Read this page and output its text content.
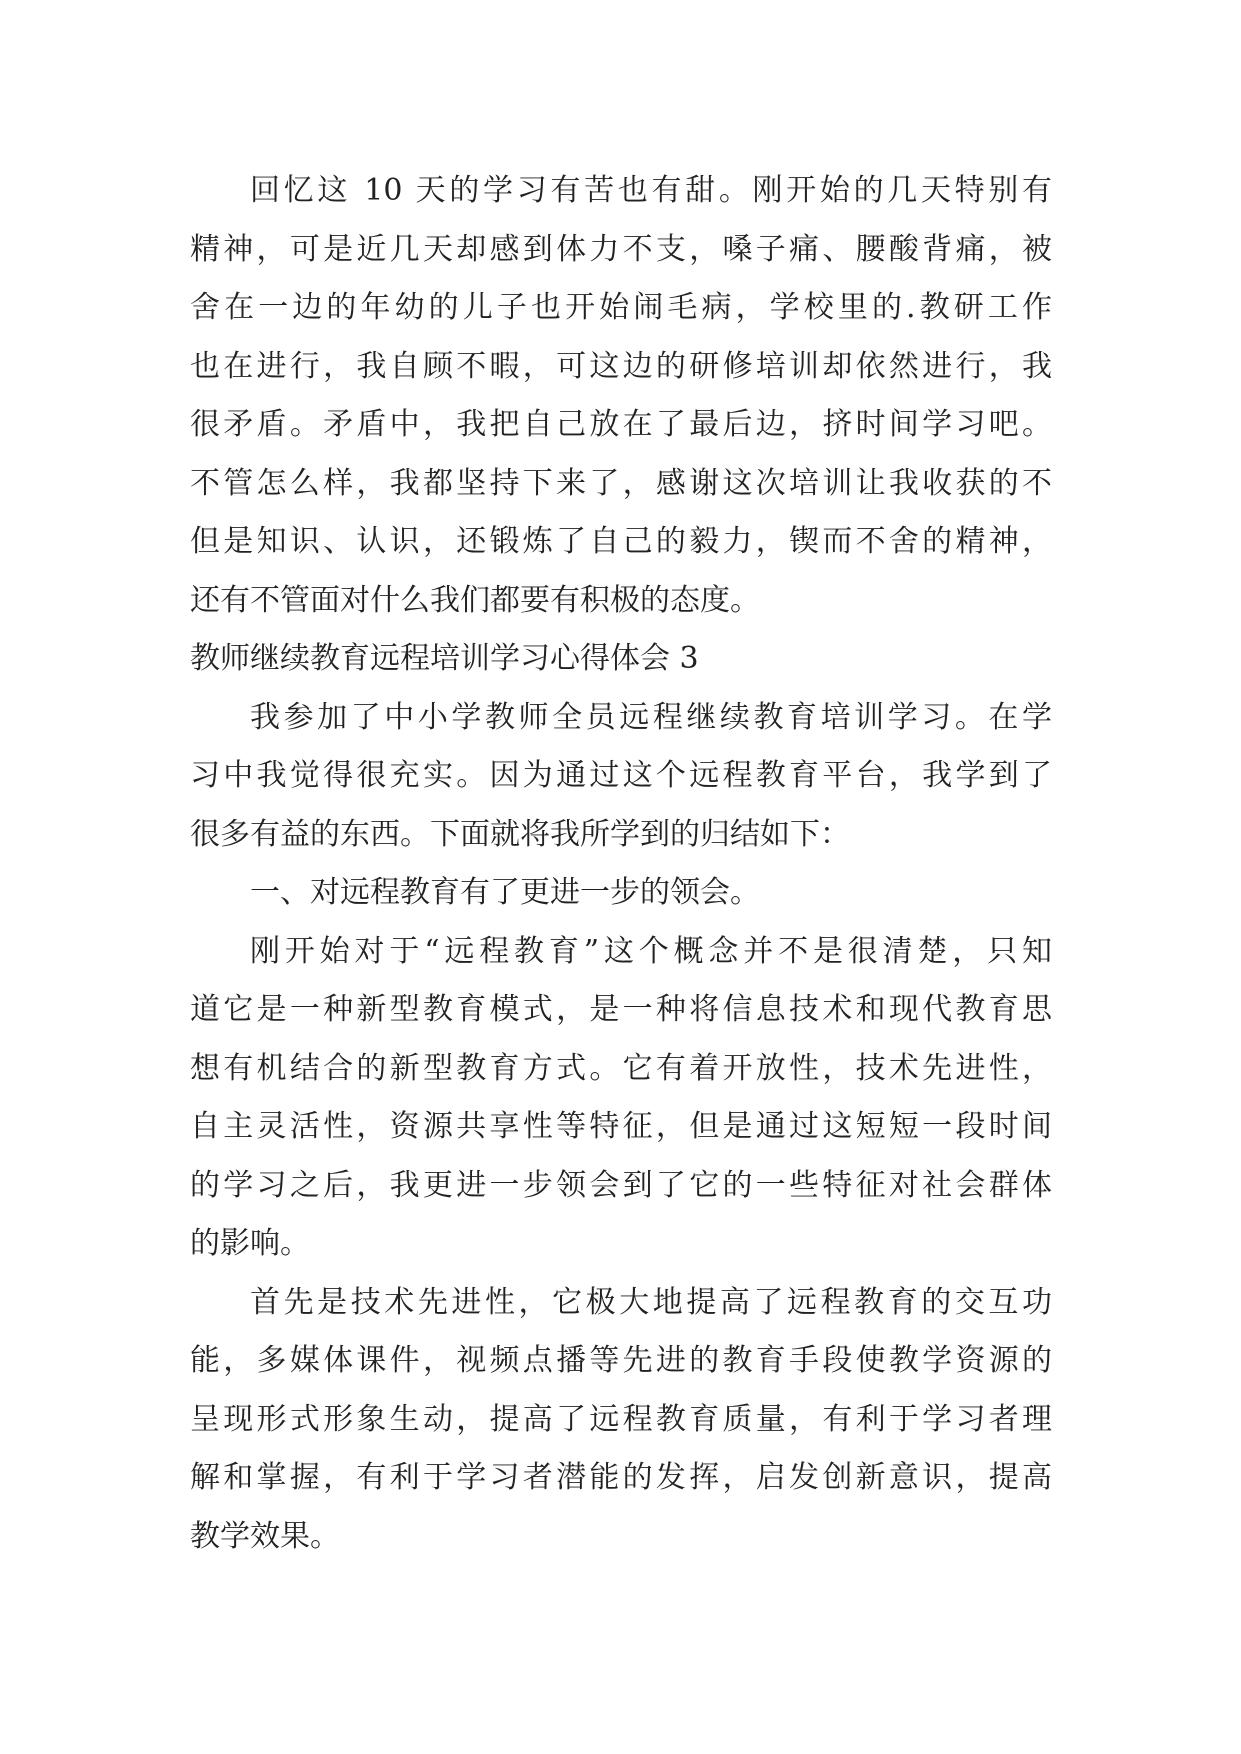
回忆这 10 天的学习有苦也有甜。刚开始的几天特别有
精神，可是近几天却感到体力不支，嗓子痛、腰酸背痛，被
舍在一边的年幼的儿子也开始闹毛病，学校里的.教研工作
也在进行，我自顾不暇，可这边的研修培训却依然进行，我
很矛盾。矛盾中，我把自己放在了最后边，挤时间学习吧。
不管怎么样，我都坚持下来了，感谢这次培训让我收获的不
但是知识、认识，还锻炼了自己的毅力，锲而不舍的精神，
还有不管面对什么我们都要有积极的态度。
教师继续教育远程培训学习心得体会 3
我参加了中小学教师全员远程继续教育培训学习。在学
习中我觉得很充实。因为通过这个远程教育平台，我学到了
很多有益的东西。下面就将我所学到的归结如下：
一、对远程教育有了更进一步的领会。
刚开始对于“远程教育”这个概念并不是很清楚，只知
道它是一种新型教育模式，是一种将信息技术和现代教育思
想有机结合的新型教育方式。它有着开放性，技术先进性，
自主灵活性，资源共享性等特征，但是通过这短短一段时间
的学习之后，我更进一步领会到了它的一些特征对社会群体
的影响。
首先是技术先进性，它极大地提高了远程教育的交互功
能，多媒体课件，视频点播等先进的教育手段使教学资源的
呈现形式形象生动，提高了远程教育质量，有利于学习者理
解和掌握，有利于学习者潜能的发挥，启发创新意识，提高
教学效果。
